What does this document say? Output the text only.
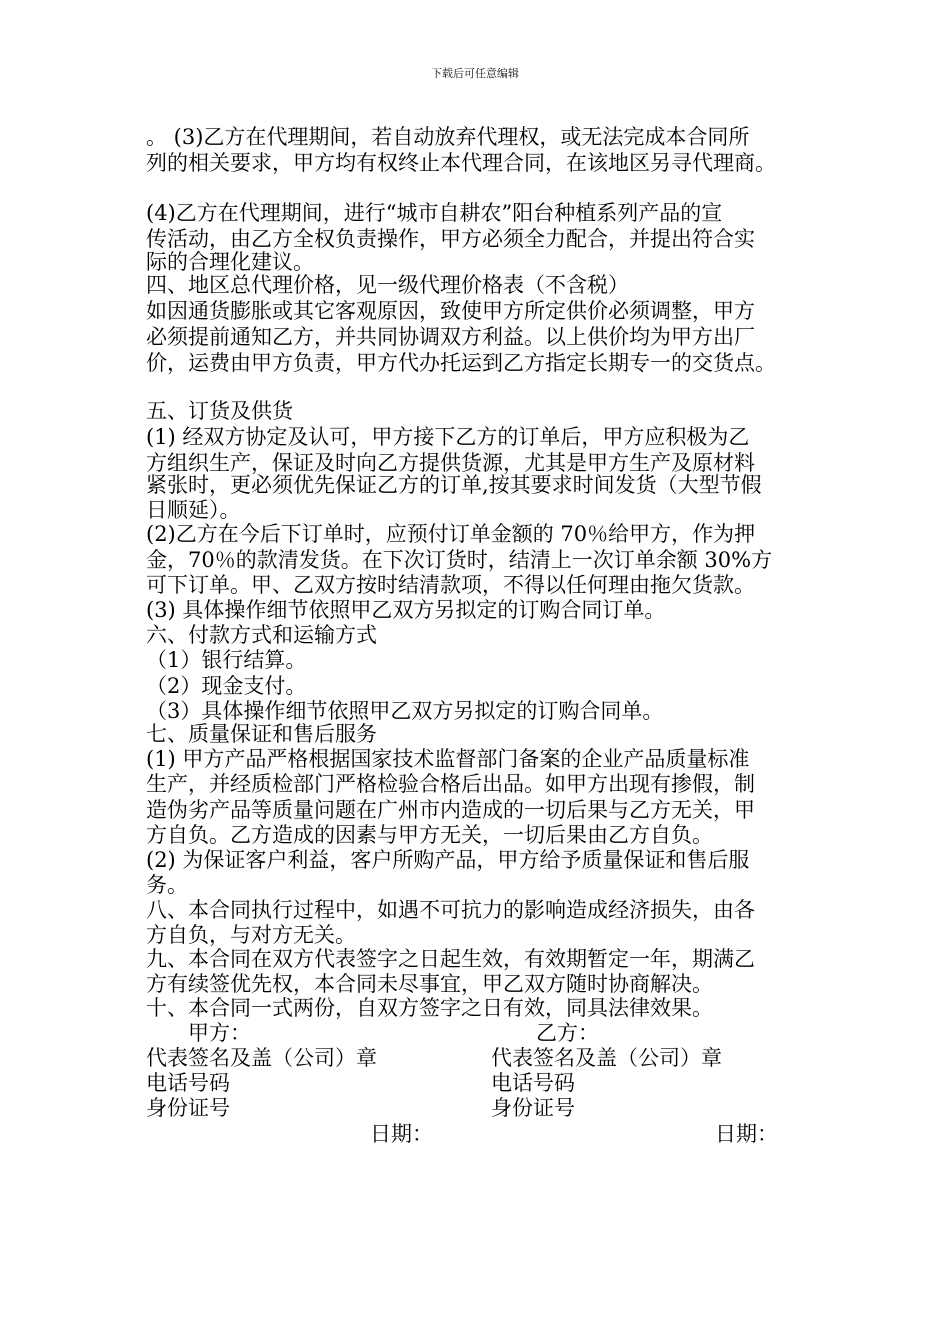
下载后可任意编辑
。 (3)乙方在代理期间，若自动放弃代理权，或无法完成本合同所
列的相关要求，甲方均有权终止本代理合同，在该地区另寻代理商。
(4)乙方在代理期间，进行“城市自耕农”阳台种植系列产品的宣
传活动，由乙方全权负责操作，甲方必须全力配合，并提出符合实
际的合理化建议。
四、地区总代理价格，见一级代理价格表（不含税）
如因通货膨胀或其它客观原因，致使甲方所定供价必须调整，甲方
必须提前通知乙方，并共同协调双方利益。以上供价均为甲方出厂
价，运费由甲方负责，甲方代办托运到乙方指定长期专一的交货点。
五、订货及供货
(1) 经双方协定及认可，甲方接下乙方的订单后，甲方应积极为乙
方组织生产，保证及时向乙方提供货源，尤其是甲方生产及原材料
紧张时，更必须优先保证乙方的订单,按其要求时间发货（大型节假
日顺延）。
(2)乙方在今后下订单时，应预付订单金额的 70％给甲方，作为押
金，70％的款清发货。在下次订货时，结清上一次订单余额 30%方
可下订单。甲、乙双方按时结清款项，不得以任何理由拖欠货款。
(3) 具体操作细节依照甲乙双方另拟定的订购合同订单。
六、付款方式和运输方式
（1）银行结算。
（2）现金支付。
（3）具体操作细节依照甲乙双方另拟定的订购合同单。
七、质量保证和售后服务
(1) 甲方产品严格根据国家技术监督部门备案的企业产品质量标准
生产，并经质检部门严格检验合格后出品。如甲方出现有掺假，制
造伪劣产品等质量问题在广州市内造成的一切后果与乙方无关，甲
方自负。乙方造成的因素与甲方无关，一切后果由乙方自负。
(2) 为保证客户利益，客户所购产品，甲方给予质量保证和售后服
务。
八、本合同执行过程中，如遇不可抗力的影响造成经济损失，由各
方自负，与对方无关。
九、本合同在双方代表签字之日起生效，有效期暂定一年，期满乙
方有续签优先权，本合同未尽事宜，甲乙双方随时协商解决。
十、本合同一式两份，自双方签字之日有效，同具法律效果。
甲方：	乙方：
代表签名及盖（公司）章	代表签名及盖（公司）章
电话号码	电话号码
身份证号	身份证号
日期：	日期：
